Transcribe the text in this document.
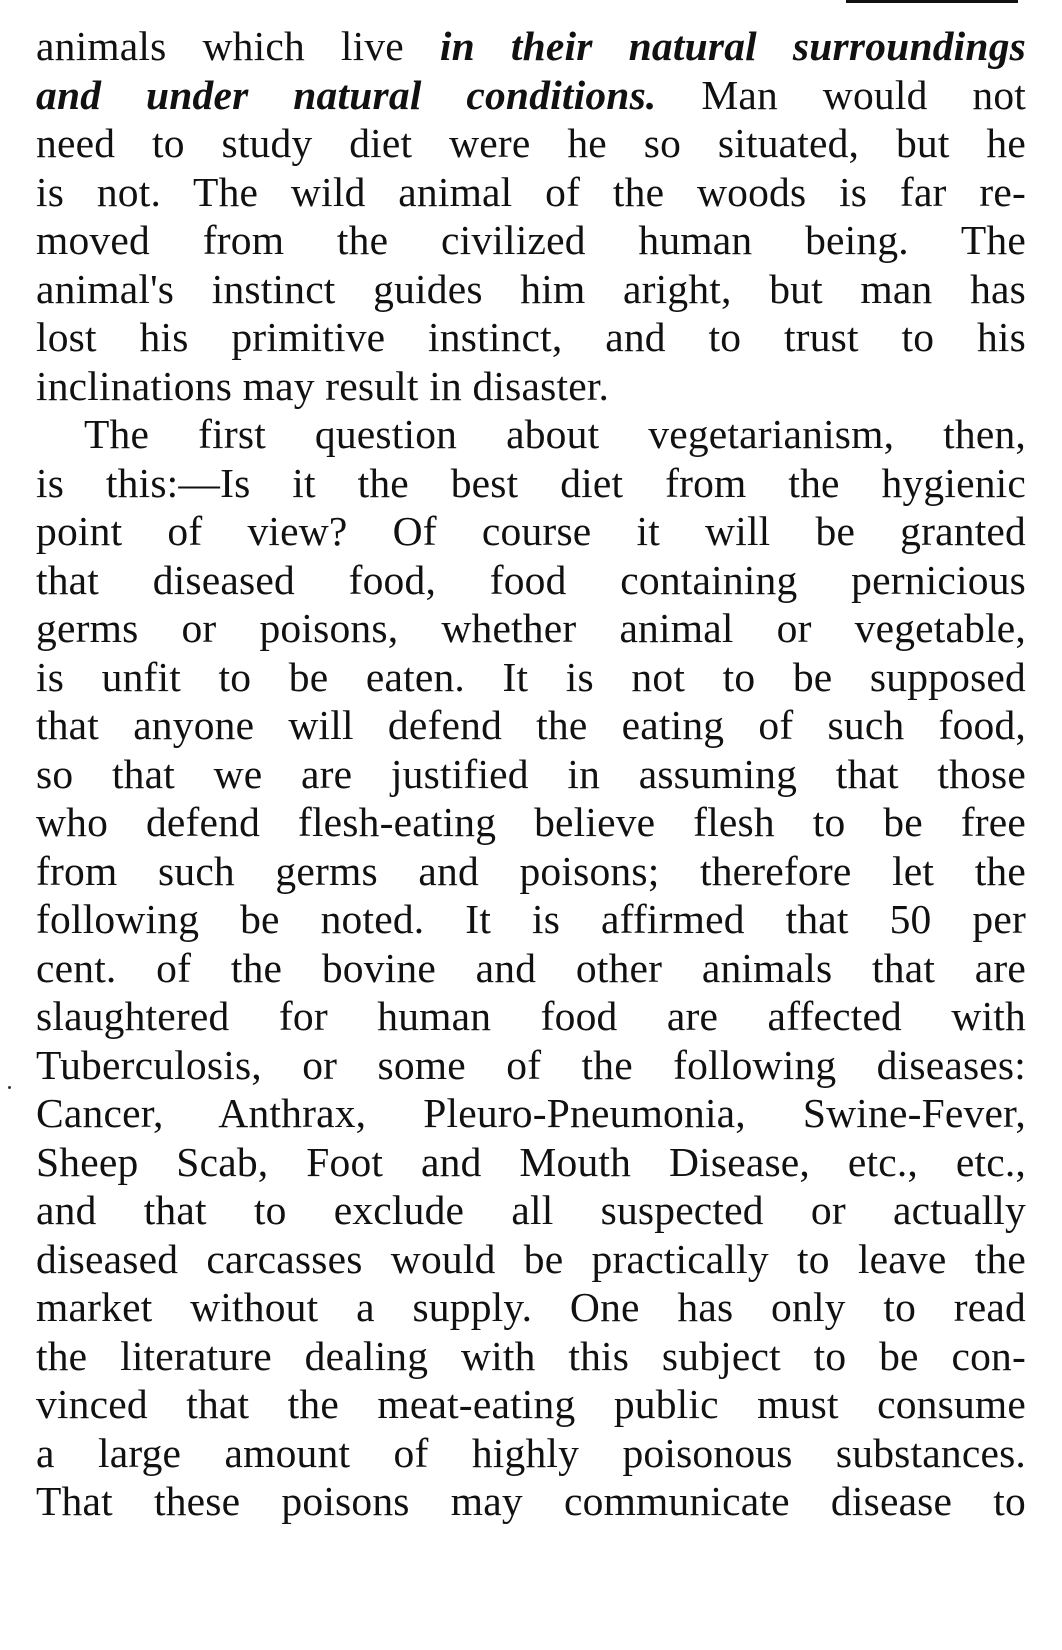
animals which live in their natural surroundings
and under natural conditions. Man would not
need to study diet were he so situated, but he
is not. The wild animal of the woods is far re-
moved from the civilized human being. The
animal's instinct guides him aright, but man has
lost his primitive instinct, and to trust to his
inclinations may result in disaster.
The first question about vegetarianism, then,
is this:—Is it the best diet from the hygienic
point of view? Of course it will be granted
that diseased food, food containing pernicious
germs or poisons, whether animal or vegetable,
is unfit to be eaten. It is not to be supposed
that anyone will defend the eating of such food,
so that we are justified in assuming that those
who defend flesh-eating believe flesh to be free
from such germs and poisons; therefore let the
following be noted. It is affirmed that 50 per
cent. of the bovine and other animals that are
slaughtered for human food are affected with
Tuberculosis, or some of the following diseases:
Cancer, Anthrax, Pleuro-Pneumonia, Swine-Fever,
Sheep Scab, Foot and Mouth Disease, etc., etc.,
and that to exclude all suspected or actually
diseased carcasses would be practically to leave the
market without a supply. One has only to read
the literature dealing with this subject to be con-
vinced that the meat-eating public must consume
a large amount of highly poisonous substances.
That these poisons may communicate disease to
